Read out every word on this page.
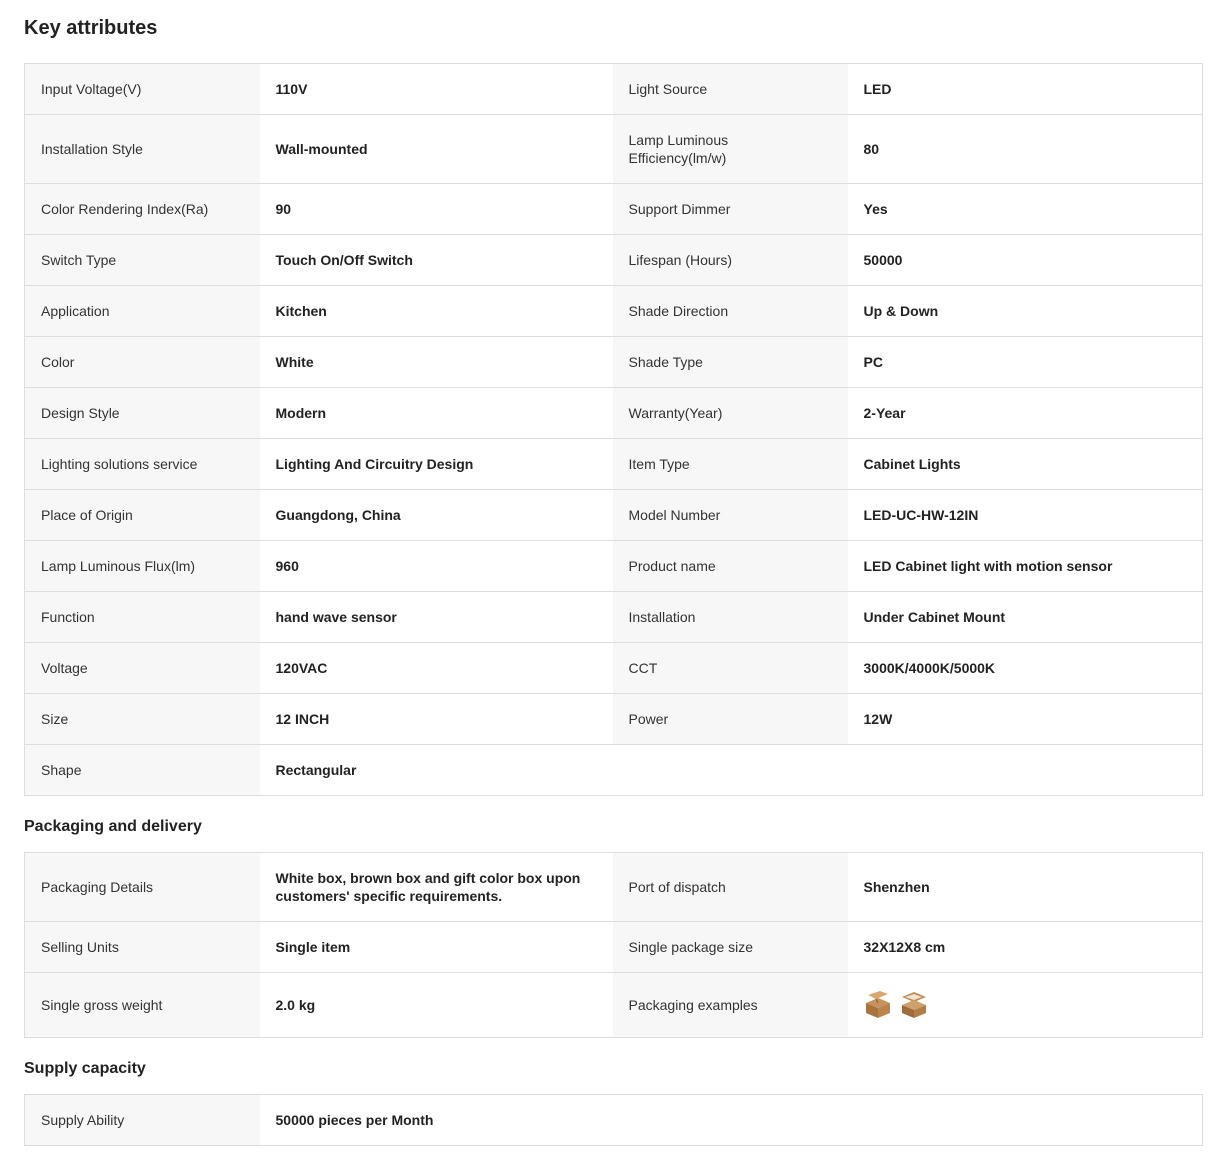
Key attributes
Input Voltage(V)	110V	Light Source	LED
Installation Style	Wall-mounted	Lamp Luminous Efficiency(lm/w)	80
Color Rendering Index(Ra)	90	Support Dimmer	Yes
Switch Type	Touch On/Off Switch	Lifespan (Hours)	50000
Application	Kitchen	Shade Direction	Up & Down
Color	White	Shade Type	PC
Design Style	Modern	Warranty(Year)	2-Year
Lighting solutions service	Lighting And Circuitry Design	Item Type	Cabinet Lights
Place of Origin	Guangdong, China	Model Number	LED-UC-HW-12IN
Lamp Luminous Flux(lm)	960	Product name	LED Cabinet light with motion sensor
Function	hand wave sensor	Installation	Under Cabinet Mount
Voltage	120VAC	CCT	3000K/4000K/5000K
Size	12 INCH	Power	12W
Shape	Rectangular		
Packaging and delivery
Packaging Details	White box, brown box and gift color box upon customers' specific requirements.	Port of dispatch	Shenzhen
Selling Units	Single item	Single package size	32X12X8 cm
Single gross weight	2.0 kg	Packaging examples	
Supply capacity
Supply Ability	50000 pieces per Month		
